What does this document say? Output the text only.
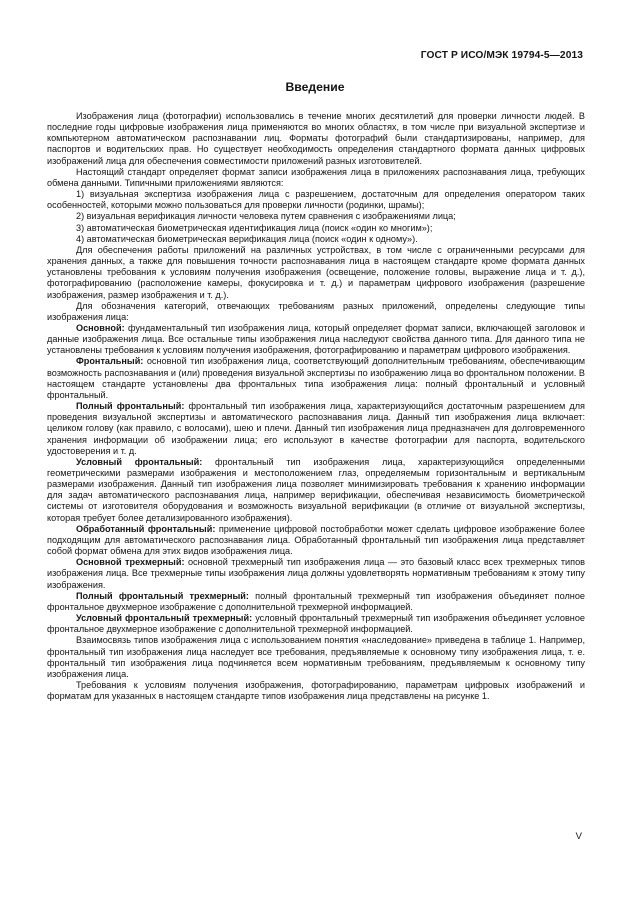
ГОСТ Р ИСО/МЭК 19794-5—2013
Введение

Изображения лица (фотографии) использовались в течение многих десятилетий для проверки личности людей. В последние годы цифровые изображения лица применяются во многих областях, в том числе при визуальной экспертизе и компьютерном автоматическом распознавании лиц. Форматы фотографий были стандартизированы, например, для паспортов и водительских прав. Но существует необходимость определения стандартного формата данных цифровых изображений лица для обеспечения совместимости приложений разных изготовителей.

Настоящий стандарт определяет формат записи изображения лица в приложениях распознавания лица, требующих обмена данными. Типичными приложениями являются:

1) визуальная экспертиза изображения лица с разрешением, достаточным для определения оператором таких особенностей, которыми можно пользоваться для проверки личности (родинки, шрамы);

2) визуальная верификация личности человека путем сравнения с изображениями лица;

3) автоматическая биометрическая идентификация лица (поиск «один ко многим»);

4) автоматическая биометрическая верификация лица (поиск «один к одному»).

Для обеспечения работы приложений на различных устройствах, в том числе с ограниченными ресурсами для хранения данных, а также для повышения точности распознавания лица в настоящем стандарте кроме формата данных установлены требования к условиям получения изображения (освещение, положение головы, выражение лица и т. д.), фотографированию (расположение камеры, фокусировка и т. д.) и параметрам цифрового изображения (разрешение изображения, размер изображения и т. д.).

Для обозначения категорий, отвечающих требованиям разных приложений, определены следующие типы изображения лица:

Основной: фундаментальный тип изображения лица, который определяет формат записи, включающей заголовок и данные изображения лица. Все остальные типы изображения лица наследуют свойства данного типа. Для данного типа не установлены требования к условиям получения изображения, фотографированию и параметрам цифрового изображения.

Фронтальный: основной тип изображения лица, соответствующий дополнительным требованиям, обеспечивающим возможность распознавания и (или) проведения визуальной экспертизы по изображению лица во фронтальном положении. В настоящем стандарте установлены два фронтальных типа изображения лица: полный фронтальный и условный фронтальный.

Полный фронтальный: фронтальный тип изображения лица, характеризующийся достаточным разрешением для проведения визуальной экспертизы и автоматического распознавания лица. Данный тип изображения лица включает: целиком голову (как правило, с волосами), шею и плечи. Данный тип изображения лица предназначен для долговременного хранения информации об изображении лица; его используют в качестве фотографии для паспорта, водительского удостоверения и т. д.

Условный фронтальный: фронтальный тип изображения лица, характеризующийся определенными геометрическими размерами изображения и местоположением глаз, определяемым горизонтальным и вертикальным размерами изображения. Данный тип изображения лица позволяет минимизировать требования к хранению информации для задач автоматического распознавания лица, например верификации, обеспечивая независимость биометрической системы от изготовителя оборудования и возможность визуальной верификации (в отличие от визуальной экспертизы, которая требует более детализированного изображения).

Обработанный фронтальный: применение цифровой постобработки может сделать цифровое изображение более подходящим для автоматического распознавания лица. Обработанный фронтальный тип изображения лица представляет собой формат обмена для этих видов изображения лица.

Основной трехмерный: основной трехмерный тип изображения лица — это базовый класс всех трехмерных типов изображения лица. Все трехмерные типы изображения лица должны удовлетворять нормативным требованиям к этому типу изображения.

Полный фронтальный трехмерный: полный фронтальный трехмерный тип изображения объединяет полное фронтальное двухмерное изображение с дополнительной трехмерной информацией.

Условный фронтальный трехмерный: условный фронтальный трехмерный тип изображения объединяет условное фронтальное двухмерное изображение с дополнительной трехмерной информацией.

Взаимосвязь типов изображения лица с использованием понятия «наследование» приведена в таблице 1. Например, фронтальный тип изображения лица наследует все требования, предъявляемые к основному типу изображения лица, т. е. фронтальный тип изображения лица подчиняется всем нормативным требованиям, предъявляемым к основному типу изображения лица.

Требования к условиям получения изображения, фотографированию, параметрам цифровых изображений и форматам для указанных в настоящем стандарте типов изображения лица представлены на рисунке 1.

V
